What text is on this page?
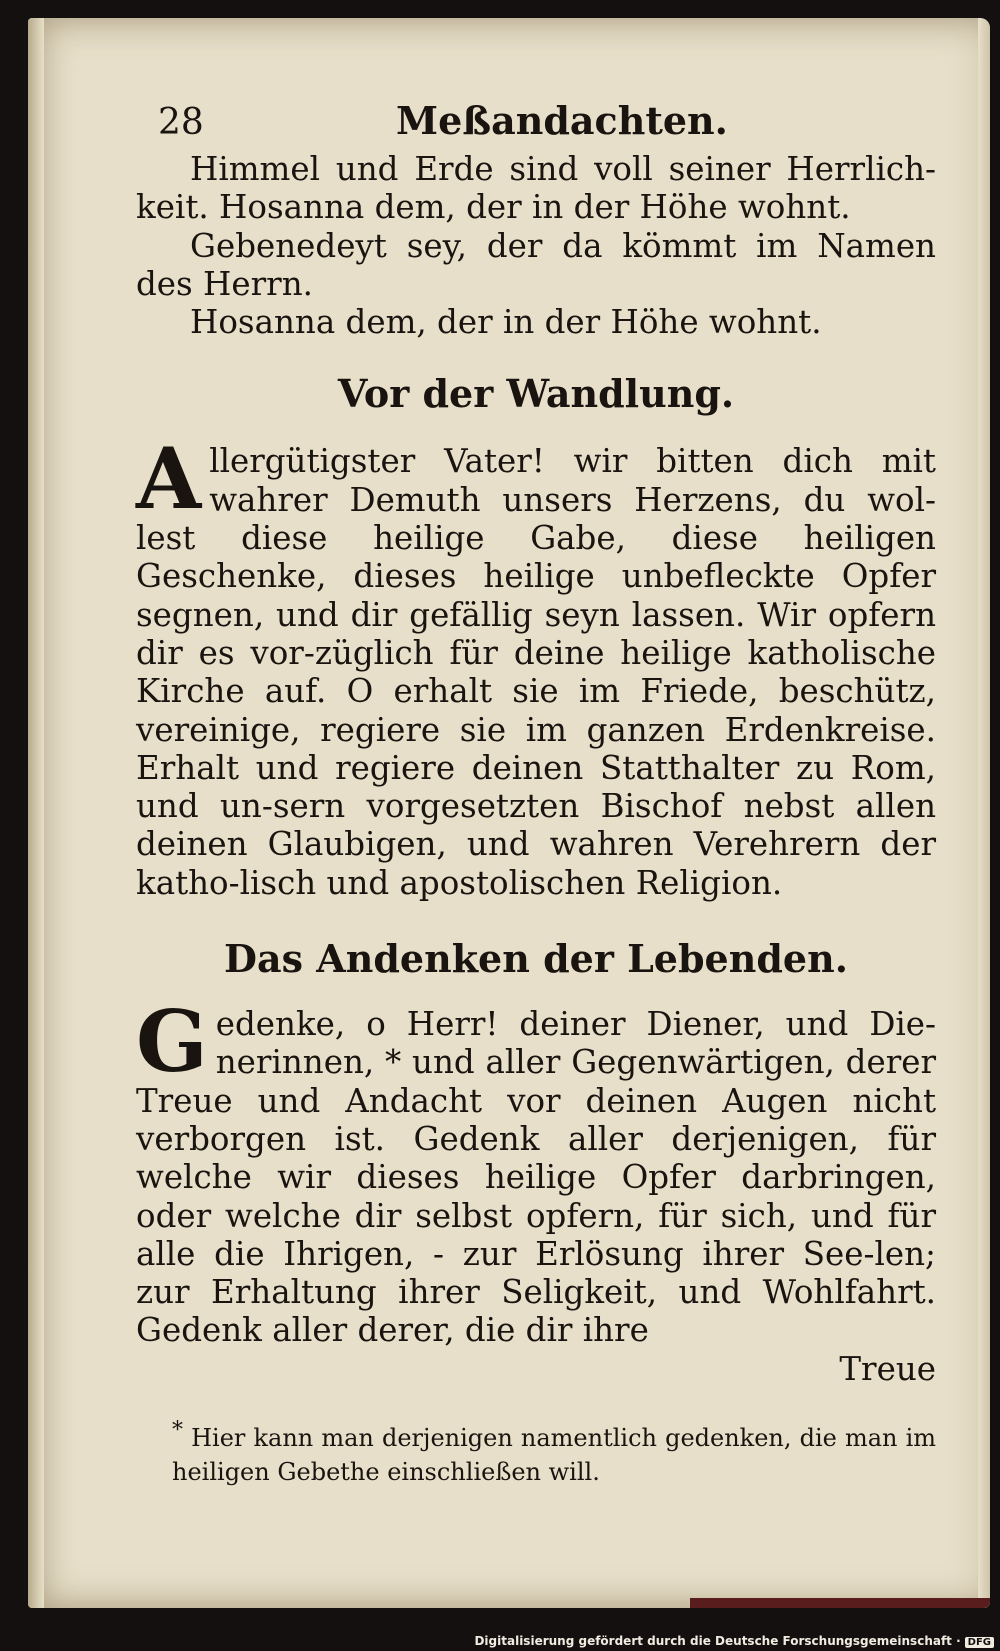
28	Meßandachten.

Himmel und Erde sind voll seiner Herrlich-keit. Hosanna dem, der in der Höhe wohnt.

Gebenedeyt sey, der da kömmt im Namen des Herrn.

Hosanna dem, der in der Höhe wohnt.

Vor der Wandlung.

Allergütigster Vater! wir bitten dich mit wahrer Demuth unsers Herzens, du wol-lest diese heilige Gabe, diese heiligen Geschenke, dieses heilige unbefleckte Opfer segnen, und dir gefällig seyn lassen. Wir opfern dir es vor-züglich für deine heilige katholische Kirche auf. O erhalt sie im Friede, beschütz, vereinige, regiere sie im ganzen Erdenkreise. Erhalt und regiere deinen Statthalter zu Rom, und un-sern vorgesetzten Bischof nebst allen deinen Glaubigen, und wahren Verehrern der katho-lisch und apostolischen Religion.

Das Andenken der Lebenden.

Gedenke, o Herr! deiner Diener, und Die-nerinnen, * und aller Gegenwärtigen, derer Treue und Andacht vor deinen Augen nicht verborgen ist. Gedenk aller derjenigen, für welche wir dieses heilige Opfer darbringen, oder welche dir selbst opfern, für sich, und für alle die Ihrigen, - zur Erlösung ihrer See-len; zur Erhaltung ihrer Seligkeit, und Wohlfahrt. Gedenk aller derer, die dir ihre

Treue
* Hier kann man derjenigen namentlich gedenken, die man im heiligen Gebethe einschließen will.
Digitalisierung gefördert durch die Deutsche Forschungsgemeinschaft · DFG
